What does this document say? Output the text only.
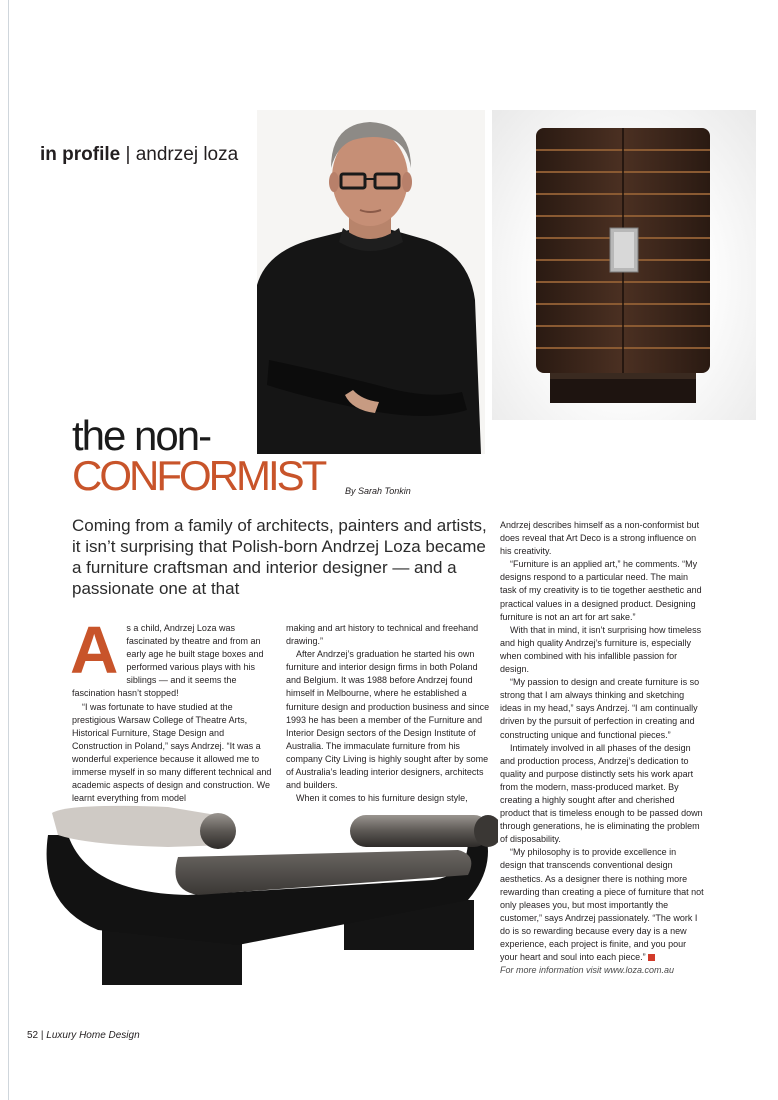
in profile | andrzej loza
the non-
CONFORMIST By Sarah Tonkin
Coming from a family of architects, painters and artists, it isn’t surprising that Polish-born Andrzej Loza became a furniture craftsman and interior designer — and a passionate one at that

As a child, Andrzej Loza was fascinated by theatre and from an early age he built stage boxes and performed various plays with his siblings — and it seems the fascination hasn’t stopped!

“I was fortunate to have studied at the prestigious Warsaw College of Theatre Arts, Historical Furniture, Stage Design and Construction in Poland,” says Andrzej. “It was a wonderful experience because it allowed me to immerse myself in so many different technical and academic aspects of design and construction. We learnt everything from model

making and art history to technical and freehand drawing.”

After Andrzej’s graduation he started his own furniture and interior design firms in both Poland and Belgium. It was 1988 before Andrzej found himself in Melbourne, where he established a furniture design and production business and since 1993 he has been a member of the Furniture and Interior Design sectors of the Design Institute of Australia. The immaculate furniture from his company City Living is highly sought after by some of Australia’s leading interior designers, architects and builders.

When it comes to his furniture design style,

Andrzej describes himself as a non-conformist but does reveal that Art Deco is a strong influence on his creativity.

“Furniture is an applied art,” he comments. “My designs respond to a particular need. The main task of my creativity is to tie together aesthetic and practical values in a designed product. Designing furniture is not an art for art sake.”

With that in mind, it isn’t surprising how timeless and high quality Andrzej’s furniture is, especially when combined with his infallible passion for design.

“My passion to design and create furniture is so strong that I am always thinking and sketching ideas in my head,” says Andrzej. “I am continually driven by the pursuit of perfection in creating and constructing unique and functional pieces.”

Intimately involved in all phases of the design and production process, Andrzej’s dedication to quality and purpose distinctly sets his work apart from the modern, mass-produced market. By creating a highly sought after and cherished product that is timeless enough to be passed down through generations, he is eliminating the problem of disposability.

“My philosophy is to provide excellence in design that transcends conventional design aesthetics. As a designer there is nothing more rewarding than creating a piece of furniture that not only pleases you, but most importantly the customer,” says Andrzej passionately. “The work I do is so rewarding because every day is a new experience, each project is finite, and you pour your heart and soul into each piece.”

For more information visit www.loza.com.au

52 | Luxury Home Design
